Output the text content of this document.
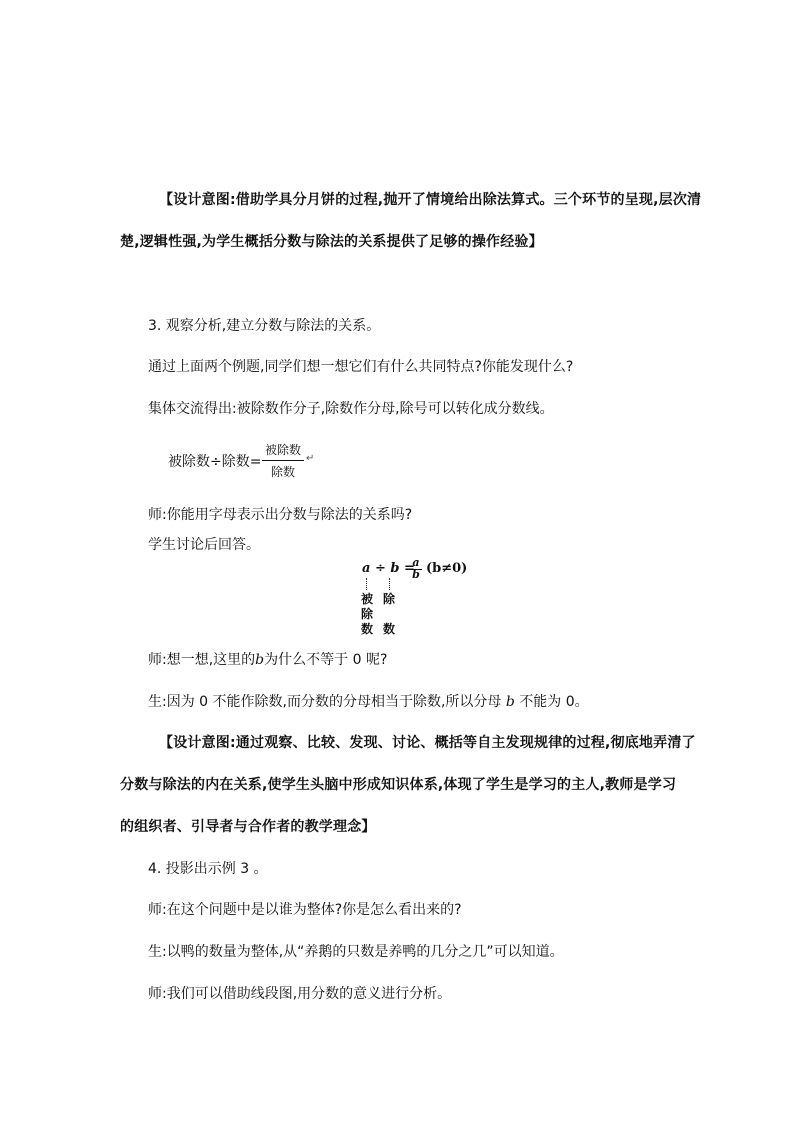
【设计意图:借助学具分月饼的过程,抛开了情境给出除法算式。三个环节的呈现,层次清
楚,逻辑性强,为学生概括分数与除法的关系提供了足够的操作经验】
3. 观察分析,建立分数与除法的关系。
通过上面两个例题,同学们想一想它们有什么共同特点?你能发现什么?
集体交流得出:被除数作分子,除数作分母,除号可以转化成分数线。
被除数÷除数=
被除数
除数
↵
师:你能用字母表示出分数与除法的关系吗?
学生讨论后回答。
a ÷ b =
a
b (b≠0)
被
除
数
除
数
师:想一想,这里的b为什么不等于 0 呢?
生:因为 0 不能作除数,而分数的分母相当于除数,所以分母 b 不能为 0。
【设计意图:通过观察、比较、发现、讨论、概括等自主发现规律的过程,彻底地弄清了
分数与除法的内在关系,使学生头脑中形成知识体系,体现了学生是学习的主人,教师是学习
的组织者、引导者与合作者的教学理念】
4. 投影出示例 3 。
师:在这个问题中是以谁为整体?你是怎么看出来的?
生:以鸭的数量为整体,从“养鹅的只数是养鸭的几分之几”可以知道。
师:我们可以借助线段图,用分数的意义进行分析。
